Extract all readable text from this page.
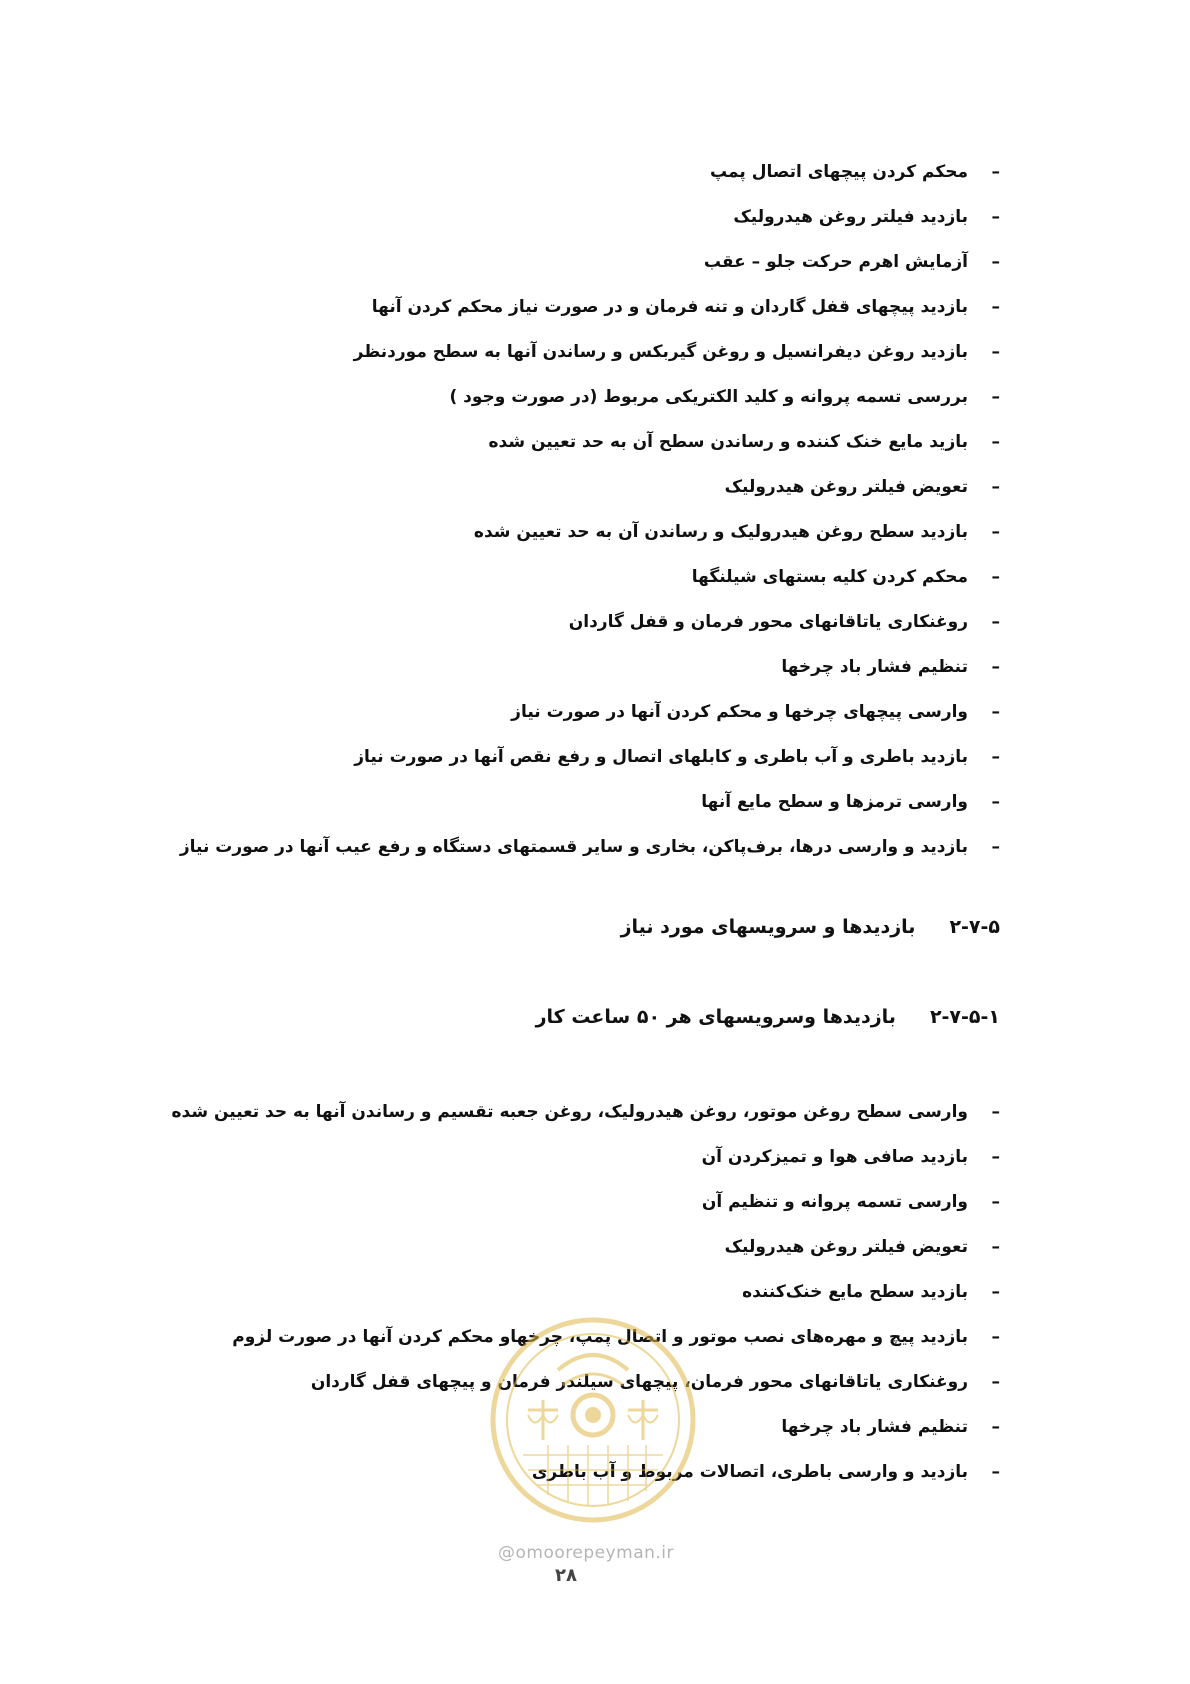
–
محکم کردن پیچهای اتصال پمپ
–
بازدید فیلتر روغن هیدرولیک
–
آزمایش اهرم حرکت جلو – عقب
–
بازدید پیچهای قفل گاردان و تنه فرمان و در صورت نیاز محکم کردن آنها
–
بازدید روغن دیفرانسیل و روغن گیربکس و رساندن آنها به سطح موردنظر
–
بررسی تسمه پروانه و کلید الکتریکی مربوط (در صورت وجود )
–
بازید مایع خنک کننده و رساندن سطح آن به حد تعیین شده
–
تعویض فیلتر روغن هیدرولیک
–
بازدید سطح روغن هیدرولیک و رساندن آن به حد تعیین شده
–
محکم کردن کلیه بستهای شیلنگها
–
روغنکاری یاتاقانهای محور فرمان و قفل گاردان
–
تنظیم فشار باد چرخها
–
وارسی پیچهای چرخها و محکم کردن آنها در صورت نیاز
–
بازدید باطری و آب باطری و کابلهای اتصال و رفع نقص آنها در صورت نیاز
–
وارسی ترمزها و سطح مایع آنها
–
بازدید و وارسی درها، برف‌پاکن، بخاری و سایر قسمتهای دستگاه و رفع عیب آنها در صورت نیاز
۲-۷-۵
بازدیدها و سرویسهای مورد نیاز
۲-۷-۵-۱
بازدیدها وسرویسهای هر ۵۰ ساعت کار
–
وارسی سطح روغن موتور، روغن هیدرولیک، روغن جعبه تقسیم و رساندن آنها به حد تعیین شده
–
بازدید صافی هوا و تمیزکردن آن
–
وارسی تسمه پروانه و تنظیم آن
–
تعویض فیلتر روغن هیدرولیک
–
بازدید سطح مایع خنک‌کننده
–
بازدید پیچ و مهره‌های نصب موتور و اتصال پمپ، چرخهاو محکم کردن آنها در صورت لزوم
–
روغنکاری یاتاقانهای محور فرمان، پیچهای سیلندر فرمان و پیچهای قفل گاردان
–
تنظیم فشار باد چرخها
–
بازدید و وارسی باطری، اتصالات مربوط و آب باطری
@omoorepeyman.ir
۲۸
